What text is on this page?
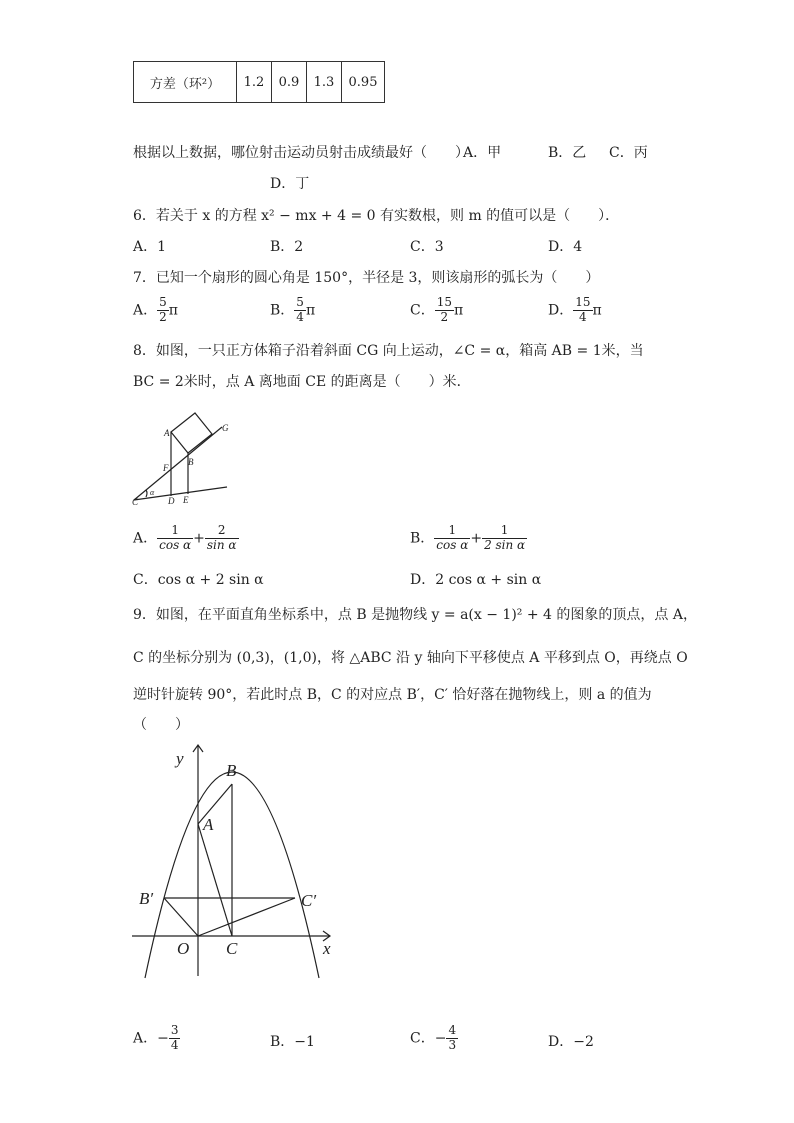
方差（环²）	1.2	0.9	1.3	0.95
根据以上数据，哪位射击运动员射击成绩最好（　　）
A．甲	B．乙 C．丙
D．丁
6．若关于 x 的方程 x² − mx + 4 = 0 有实数根，则 m 的值可以是（　　）．
A．1	B．2	C．3	D．4
7．已知一个扇形的圆心角是 150°，半径是 3，则该扇形的弧长为（　　）
A． $\frac{5}{2}$ π	B． $\frac{5}{4}$ π	C． $\frac{15}{2}$ π	D． $\frac{15}{4}$ π
8．如图，一只正方体箱子沿着斜面 CG 向上运动，∠C = α，箱高 AB = 1米，当
BC = 2米时，点 A 离地面 CE 的距离是（　　）米．
A	G
F
B
C	D E
α
A． $\frac{1}{\text{cos α}} + \frac{2}{\text{sin α}}$	B． $\frac{1}{\text{cos α}} + \frac{1}{\text{2 sin α}}$
C．cos α + 2 sin α	D．2 cos α + sin α
9．如图，在平面直角坐标系中，点 B 是抛物线 y = a(x − 1)² + 4 的图象的顶点，点 A，
C 的坐标分别为 (0,3)，(1,0)，将 △ABC 沿 y 轴向下平移使点 A 平移到点 O，再绕点 O
逆时针旋转 90°，若此时点 B，C 的对应点 B′，C′ 恰好落在抛物线上，则 a 的值为
（　　）
y
x
B
A
B′	C′
O C
A．− $\frac{3}{4}$	B．−1	C．− $\frac{4}{3}$	D．−2
